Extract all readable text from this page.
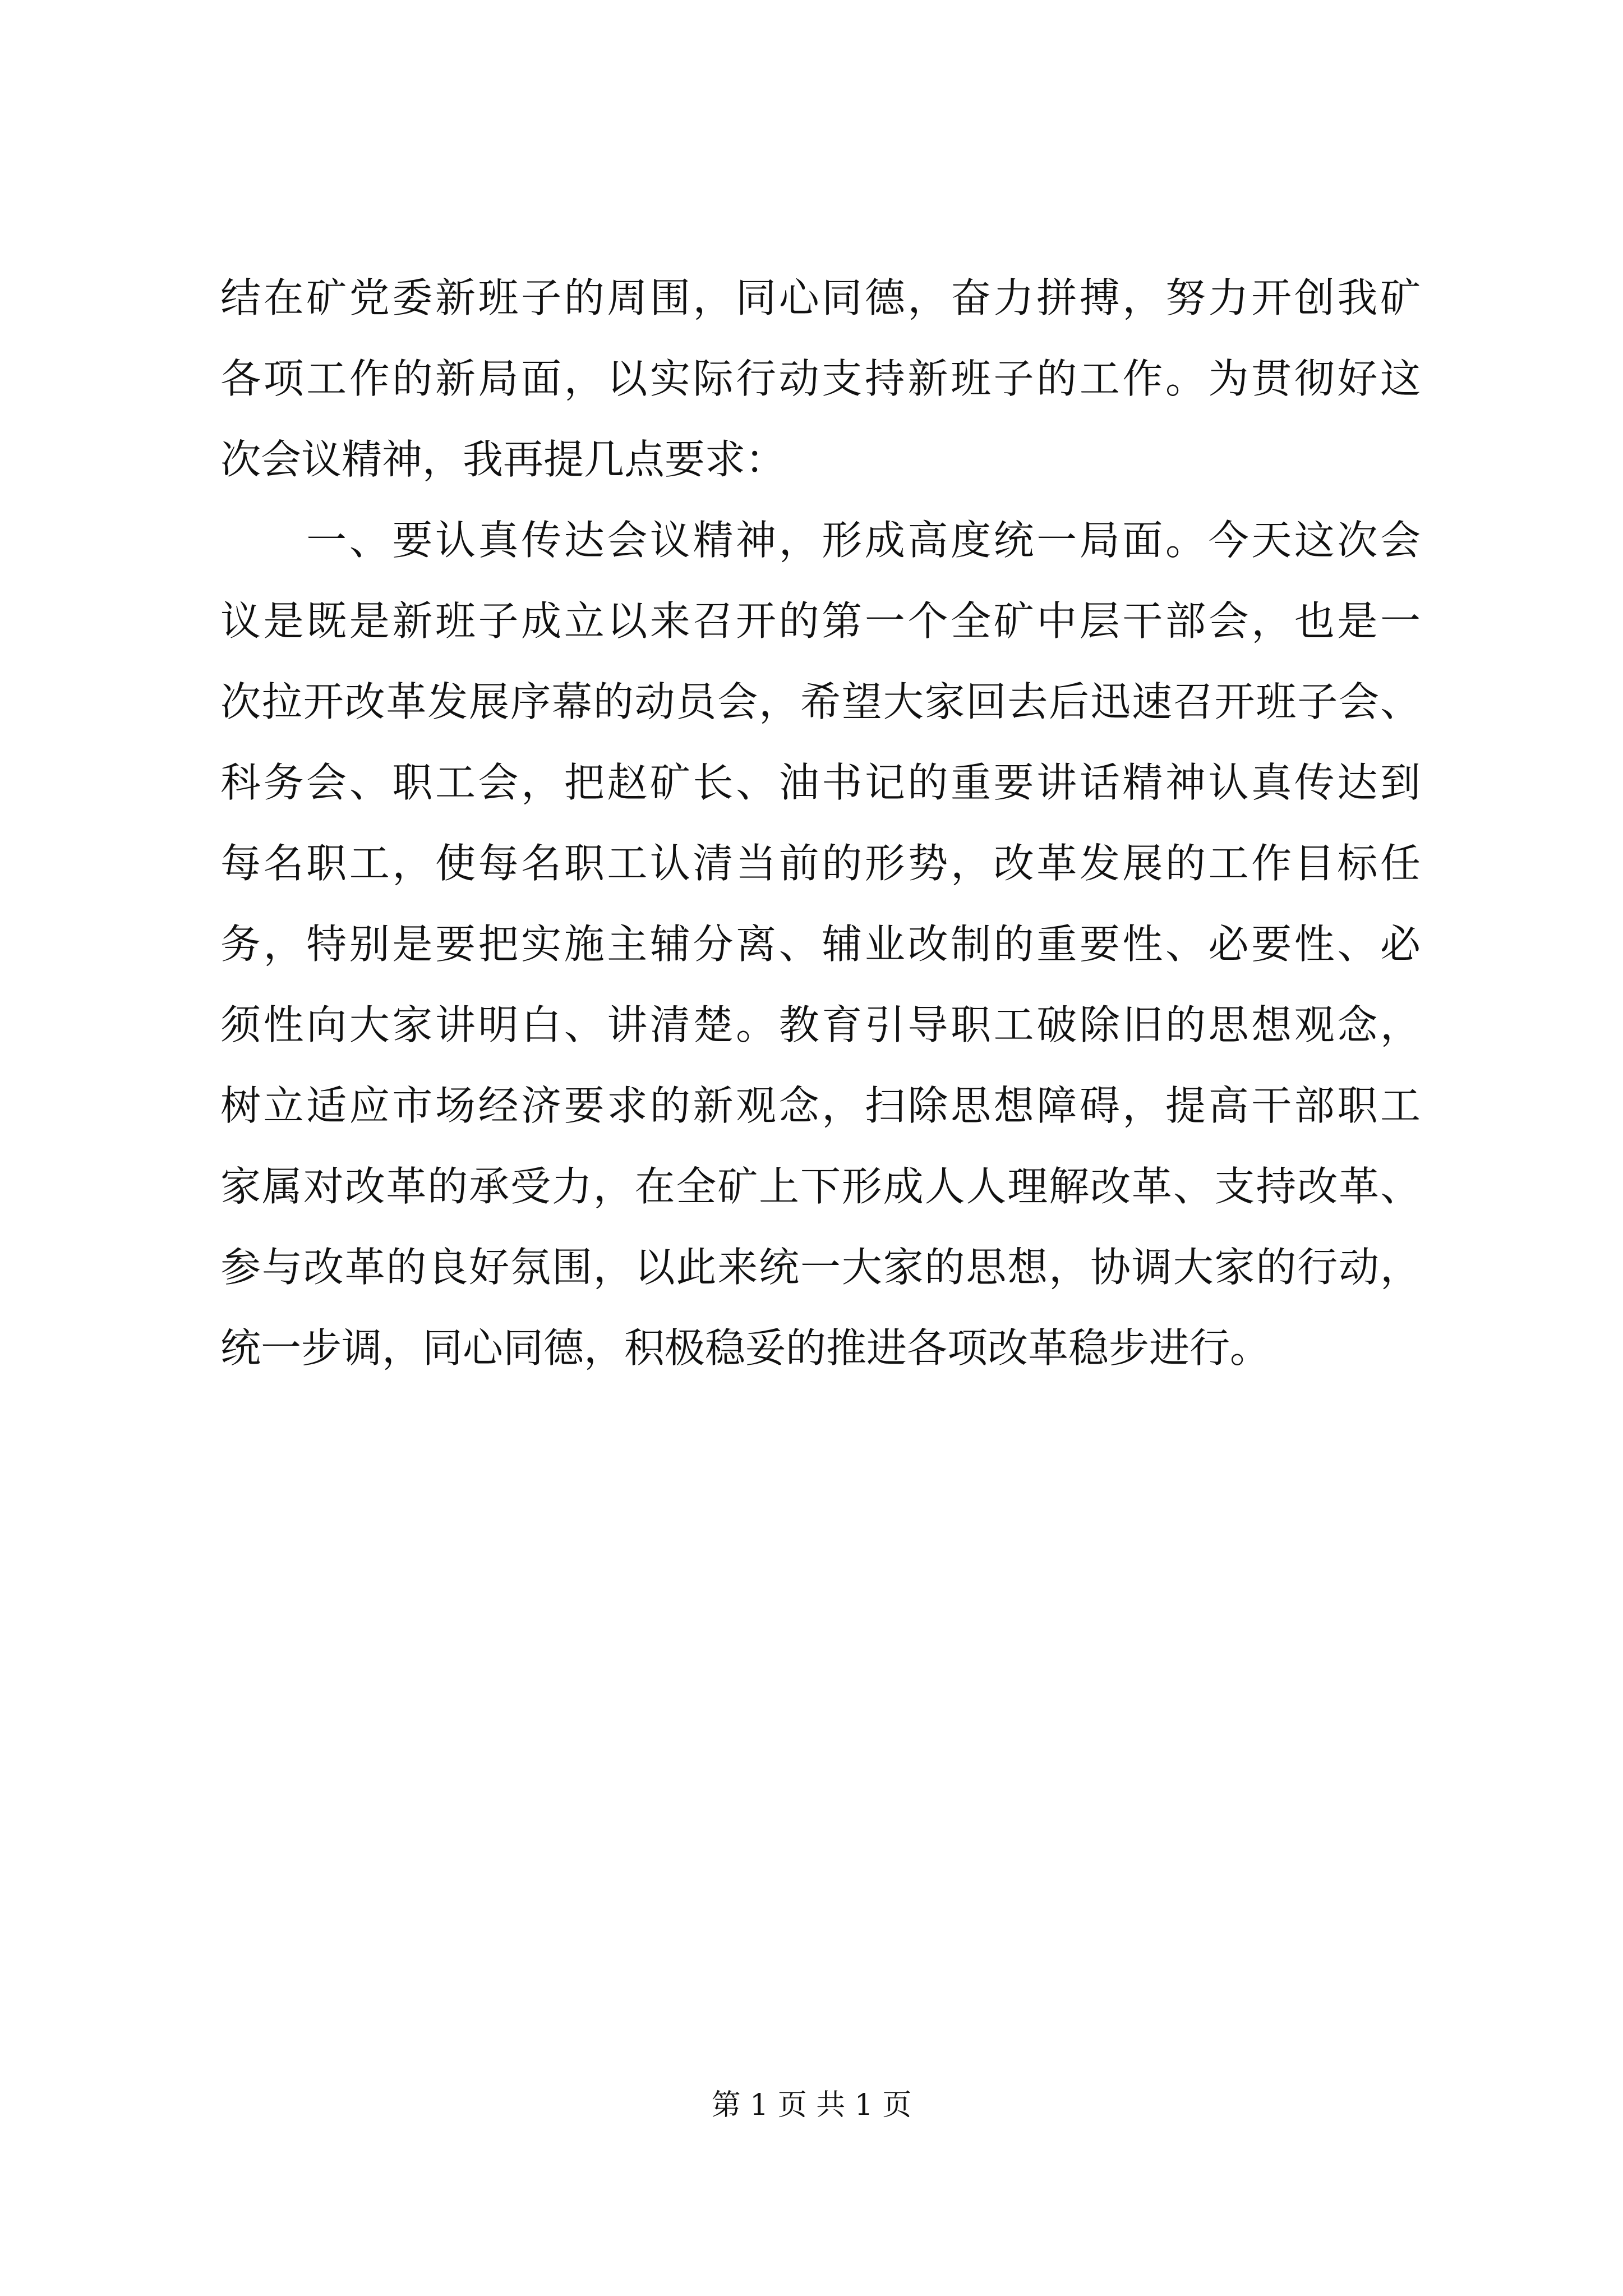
结在矿党委新班子的周围，同心同德，奋力拼搏，努力开创我矿
各项工作的新局面，以实际行动支持新班子的工作。为贯彻好这
次会议精神，我再提几点要求：
　　一、要认真传达会议精神，形成高度统一局面。今天这次会
议是既是新班子成立以来召开的第一个全矿中层干部会，也是一
次拉开改革发展序幕的动员会，希望大家回去后迅速召开班子会、
科务会、职工会，把赵矿长、油书记的重要讲话精神认真传达到
每名职工，使每名职工认清当前的形势，改革发展的工作目标任
务，特别是要把实施主辅分离、辅业改制的重要性、必要性、必
须性向大家讲明白、讲清楚。教育引导职工破除旧的思想观念，
树立适应市场经济要求的新观念，扫除思想障碍，提高干部职工
家属对改革的承受力，在全矿上下形成人人理解改革、支持改革、
参与改革的良好氛围，以此来统一大家的思想，协调大家的行动，
统一步调，同心同德，积极稳妥的推进各项改革稳步进行。
第 1 页 共 1 页
